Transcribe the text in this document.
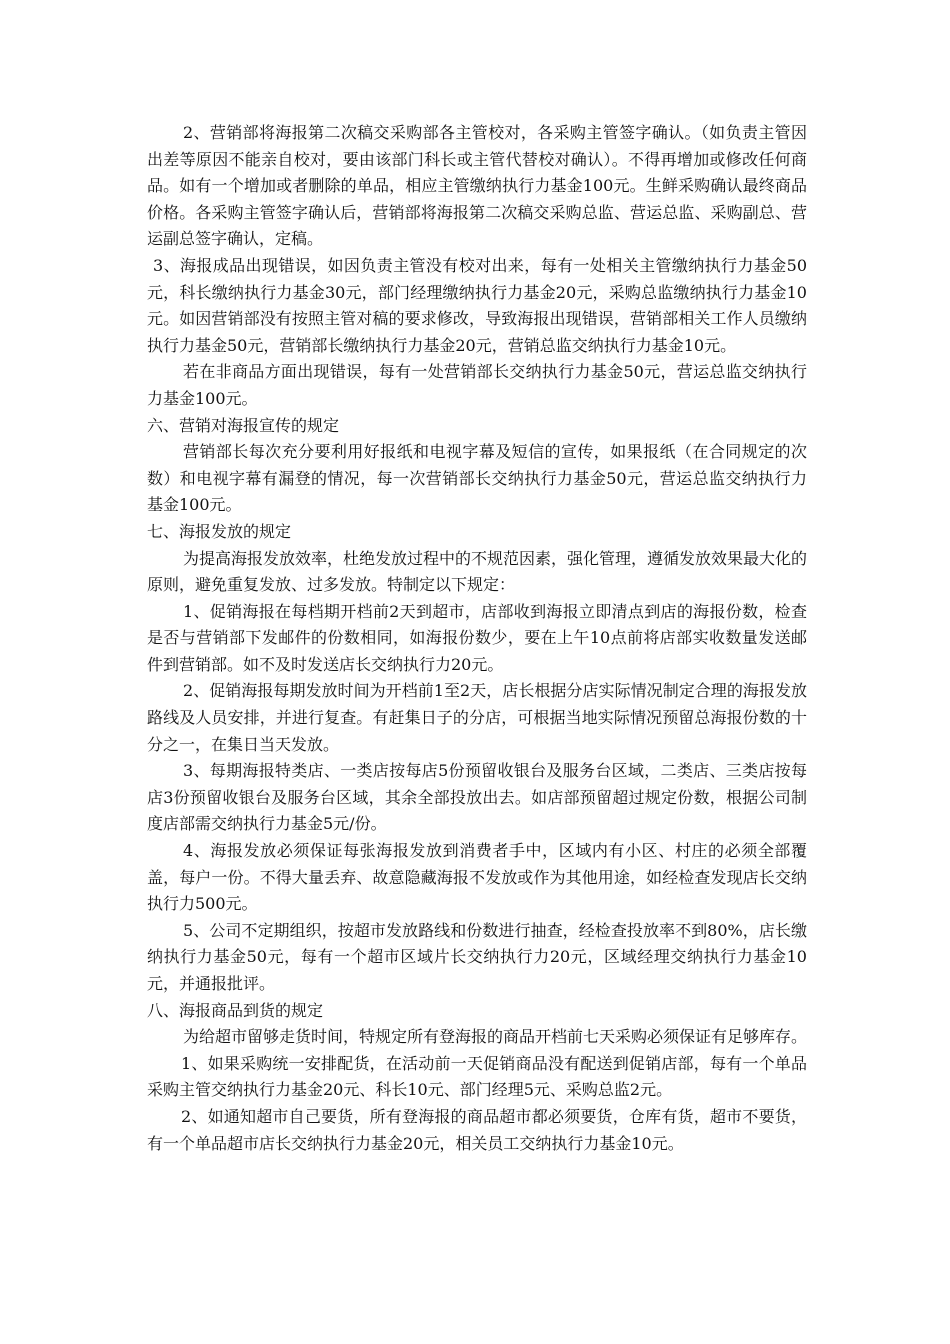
2、营销部将海报第二次稿交采购部各主管校对，各采购主管签字确认。（如负责主管因出差等原因不能亲自校对，要由该部门科长或主管代替校对确认）。不得再增加或修改任何商品。如有一个增加或者删除的单品，相应主管缴纳执行力基金100元。生鲜采购确认最终商品价格。各采购主管签字确认后，营销部将海报第二次稿交采购总监、营运总监、采购副总、营运副总签字确认，定稿。

3、海报成品出现错误，如因负责主管没有校对出来，每有一处相关主管缴纳执行力基金50元，科长缴纳执行力基金30元，部门经理缴纳执行力基金20元，采购总监缴纳执行力基金10元。如因营销部没有按照主管对稿的要求修改，导致海报出现错误，营销部相关工作人员缴纳执行力基金50元，营销部长缴纳执行力基金20元，营销总监交纳执行力基金10元。

若在非商品方面出现错误，每有一处营销部长交纳执行力基金50元，营运总监交纳执行力基金100元。

六、营销对海报宣传的规定

营销部长每次充分要利用好报纸和电视字幕及短信的宣传，如果报纸（在合同规定的次数）和电视字幕有漏登的情况，每一次营销部长交纳执行力基金50元，营运总监交纳执行力基金100元。

七、海报发放的规定

为提高海报发放效率，杜绝发放过程中的不规范因素，强化管理，遵循发放效果最大化的原则，避免重复发放、过多发放。特制定以下规定：

1、促销海报在每档期开档前2天到超市，店部收到海报立即清点到店的海报份数，检查是否与营销部下发邮件的份数相同，如海报份数少，要在上午10点前将店部实收数量发送邮件到营销部。如不及时发送店长交纳执行力20元。

2、促销海报每期发放时间为开档前1至2天，店长根据分店实际情况制定合理的海报发放路线及人员安排，并进行复查。有赶集日子的分店，可根据当地实际情况预留总海报份数的十分之一，在集日当天发放。

3、每期海报特类店、一类店按每店5份预留收银台及服务台区域，二类店、三类店按每店3份预留收银台及服务台区域，其余全部投放出去。如店部预留超过规定份数，根据公司制度店部需交纳执行力基金5元/份。

4、海报发放必须保证每张海报发放到消费者手中，区域内有小区、村庄的必须全部覆盖，每户一份。不得大量丢弃、故意隐藏海报不发放或作为其他用途，如经检查发现店长交纳执行力500元。

5、公司不定期组织，按超市发放路线和份数进行抽查，经检查投放率不到80%，店长缴纳执行力基金50元，每有一个超市区域片长交纳执行力20元，区域经理交纳执行力基金10元，并通报批评。

八、海报商品到货的规定

为给超市留够走货时间，特规定所有登海报的商品开档前七天采购必须保证有足够库存。

1、如果采购统一安排配货，在活动前一天促销商品没有配送到促销店部，每有一个单品采购主管交纳执行力基金20元、科长10元、部门经理5元、采购总监2元。

2、如通知超市自己要货，所有登海报的商品超市都必须要货，仓库有货，超市不要货，有一个单品超市店长交纳执行力基金20元，相关员工交纳执行力基金10元。
